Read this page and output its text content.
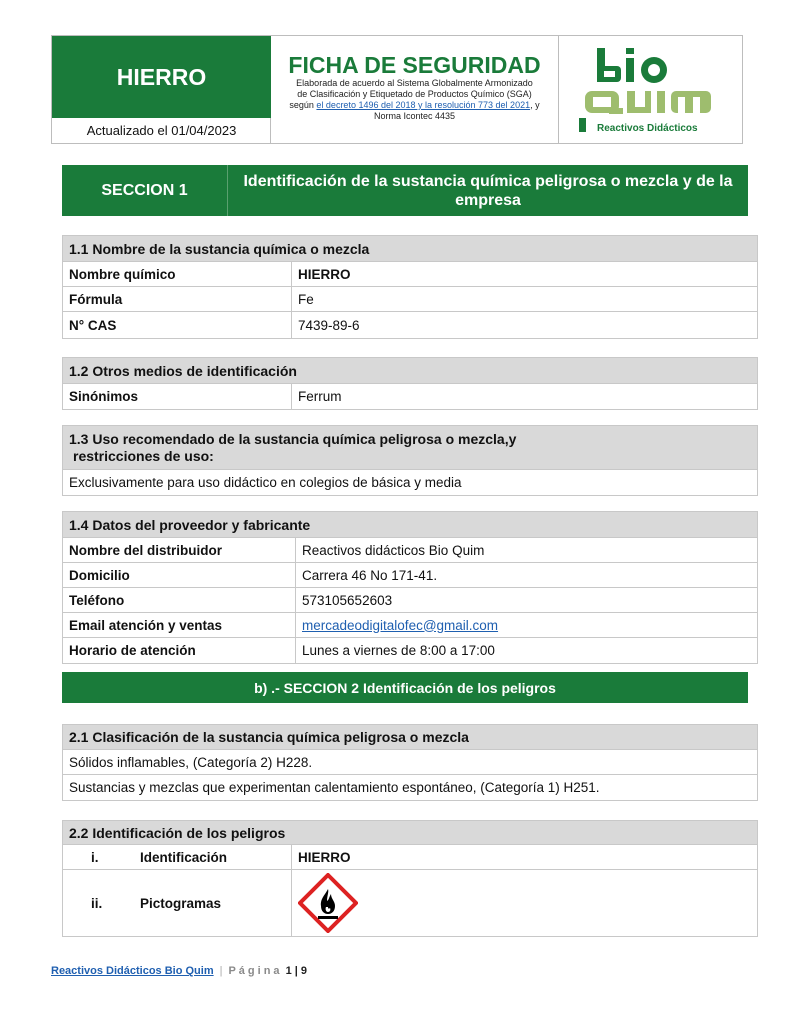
HIERRO
Actualizado el 01/04/2023
FICHA DE SEGURIDAD
Elaborada de acuerdo al Sistema Globalmente Armonizado
de Clasificación y Etiquetado de Productos Químico (SGA)
según el decreto 1496 del 2018 y la resolución 773 del 2021, y Norma Icontec 4435
Reactivos Didácticos
SECCION 1
Identificación de la sustancia química peligrosa o mezcla y de la empresa
1.1 Nombre de la sustancia química o mezcla
Nombre químico	HIERRO
Fórmula	Fe
N° CAS	7439-89-6
1.2 Otros medios de identificación
Sinónimos	Ferrum
1.3 Uso recomendado de la sustancia química peligrosa o mezcla,y
restricciones de uso:
Exclusivamente para uso didáctico en colegios de básica y media
1.4 Datos del proveedor y fabricante
Nombre del distribuidor	Reactivos didácticos Bio Quim
Domicilio	Carrera 46 No 171-41.
Teléfono	573105652603
Email atención y ventas	mercadeodigitalofec@gmail.com
Horario de atención	Lunes a viernes de 8:00 a 17:00
b) .- SECCION 2 Identificación de los peligros
2.1 Clasificación de la sustancia química peligrosa o mezcla
Sólidos inflamables, (Categoría 2) H228.
Sustancias y mezclas que experimentan calentamiento espontáneo, (Categoría 1) H251.
2.2 Identificación de los peligros
i.	Identificación	HIERRO
ii.	Pictogramas
Reactivos Didácticos Bio Quim | Página 1 | 9
